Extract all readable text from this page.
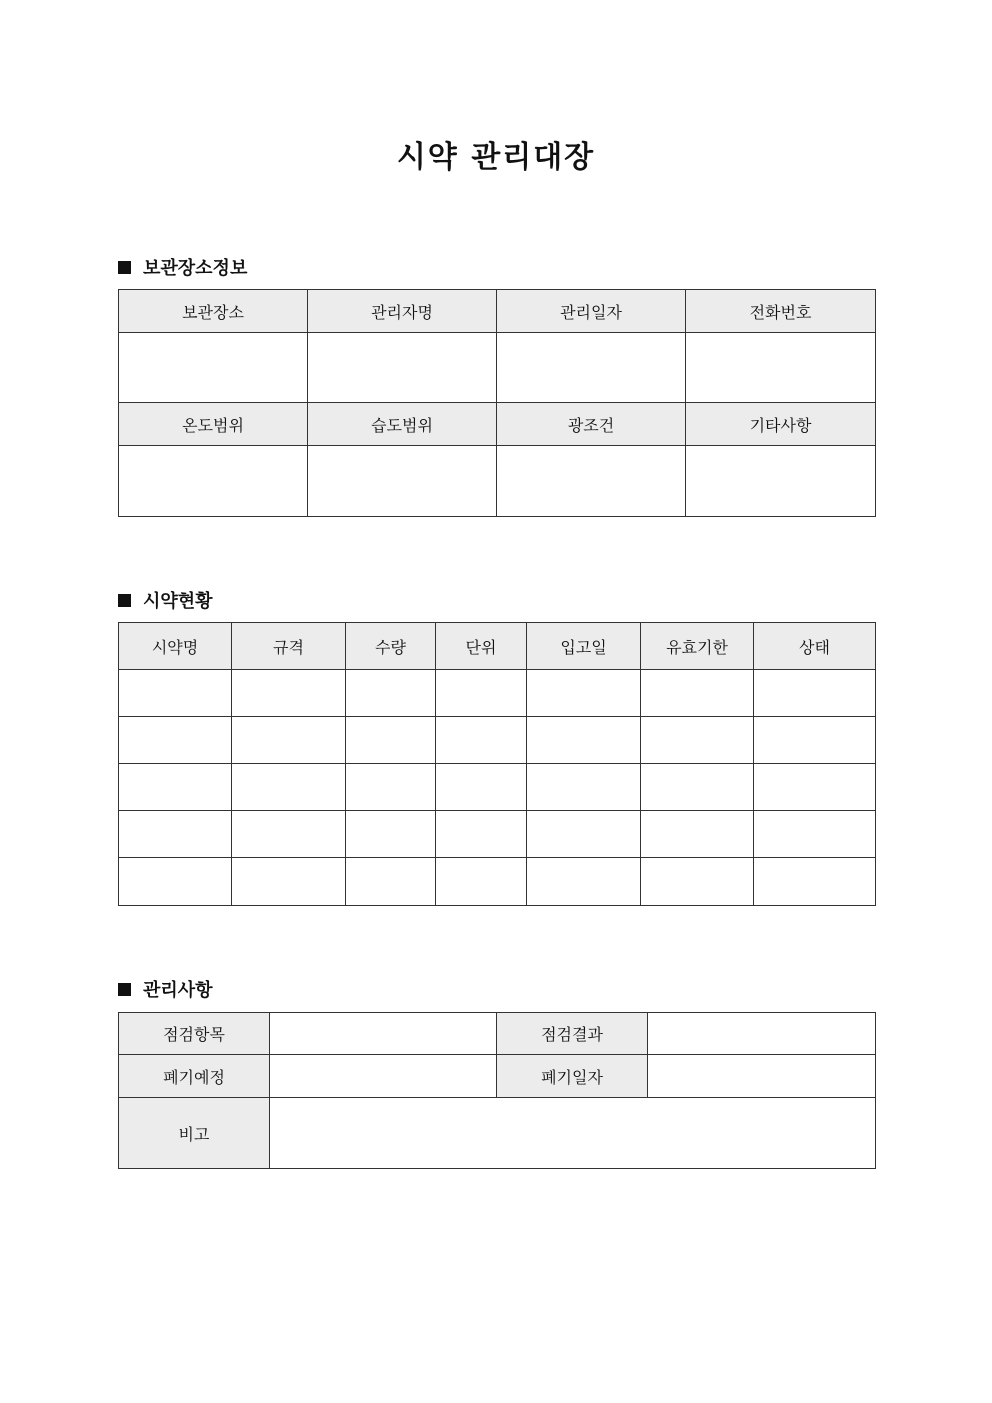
시약 관리대장
보관장소정보
보관장소	관리자명	관리일자	전화번호

온도범위	습도범위	광조건	기타사항

시약현황
시약명	규격	수량	단위	입고일	유효기한	상태

관리사항
점검항목		점검결과	
폐기예정		폐기일자	
비고			
